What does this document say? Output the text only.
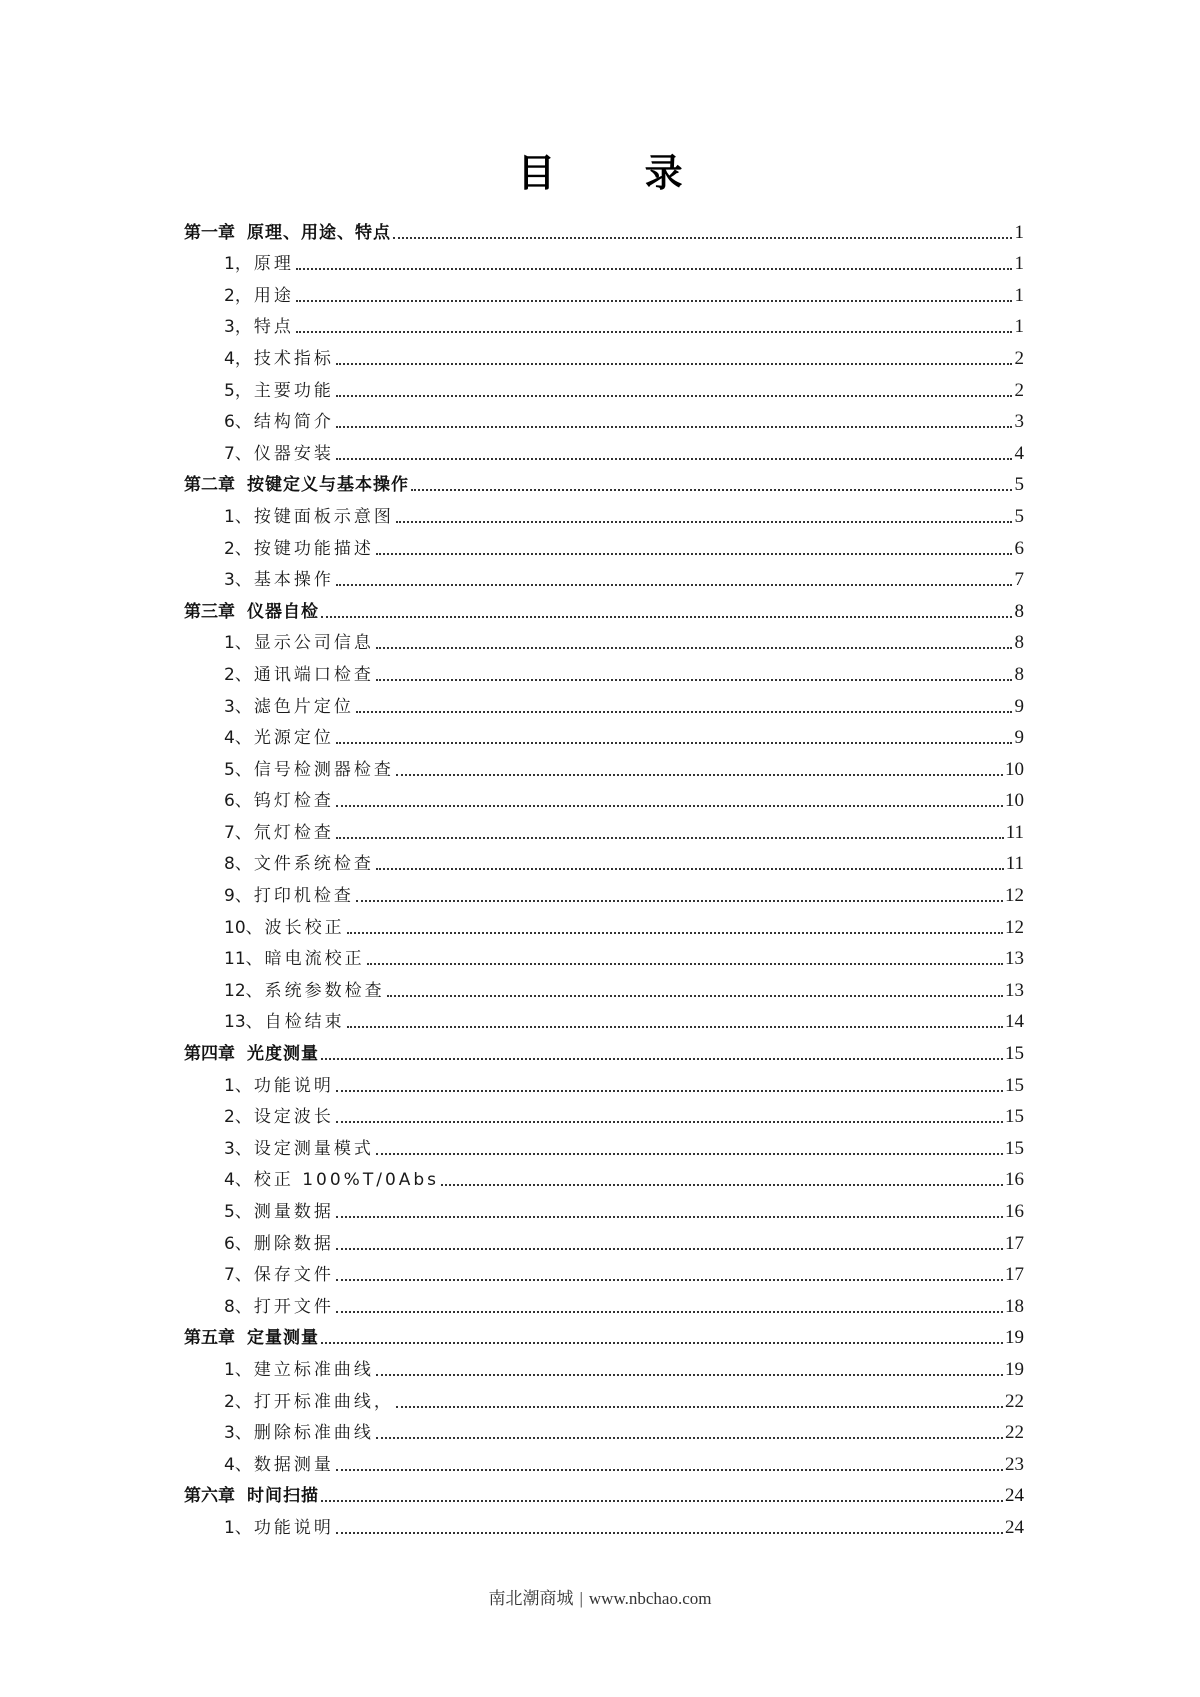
目 录
第一章 原理、用途、特点	1
1， 原理	1
2， 用途	1
3， 特点	1
4， 技术指标	2
5， 主要功能	2
6、 结构简介	3
7、 仪器安装	4
第二章 按键定义与基本操作	5
1、 按键面板示意图	5
2、 按键功能描述	6
3、 基本操作	7
第三章 仪器自检	8
1、 显示公司信息	8
2、 通讯端口检查	8
3、 滤色片定位	9
4、 光源定位	9
5、 信号检测器检查	10
6、 钨灯检查	10
7、 氘灯检查	11
8、 文件系统检查	11
9、 打印机检查	12
10、 波长校正	12
11、 暗电流校正	13
12、 系统参数检查	13
13、 自检结束	14
第四章 光度测量	15
1、 功能说明	15
2、 设定波长	15
3、 设定测量模式	15
4、 校正 100%T/0Abs	16
5、 测量数据	16
6、 删除数据	17
7、 保存文件	17
8、 打开文件	18
第五章 定量测量	19
1、 建立标准曲线	19
2、 打开标准曲线，	22
3、 删除标准曲线	22
4、 数据测量	23
第六章 时间扫描	24
1、 功能说明	24
南北潮商城 | www.nbchao.com
